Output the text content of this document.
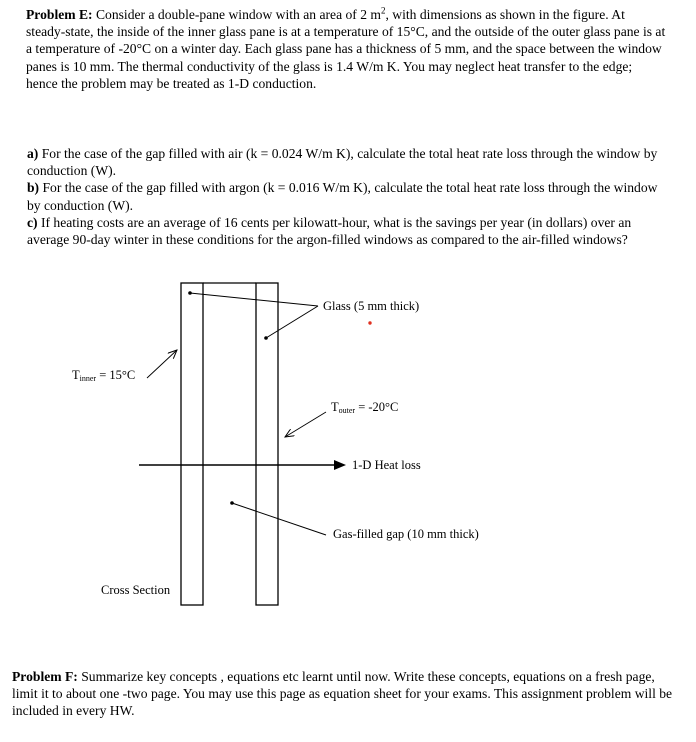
Problem E: Consider a double-pane window with an area of 2 $m^2$, with dimensions as shown in the figure. At steady-state, the inside of the inner glass pane is at a temperature of 15°C, and the outside of the outer glass pane is at a temperature of -20°C on a winter day. Each glass pane has a thickness of 5 mm, and the space between the window panes is 10 mm. The thermal conductivity of the glass is 1.4 W/m K. You may neglect heat transfer to the edge; hence the problem may be treated as 1-D conduction.
a) For the case of the gap filled with air (k = 0.024 W/m K), calculate the total heat rate loss through the window by conduction (W).
b) For the case of the gap filled with argon (k = 0.016 W/m K), calculate the total heat rate loss through the window by conduction (W).
c) If heating costs are an average of 16 cents per kilowatt-hour, what is the savings per year (in dollars) over an average 90-day winter in these conditions for the argon-filled windows as compared to the air-filled windows?
Glass (5 mm thick)
$T_{inner} = 15^\circ C$
$T_{outer} = -20^\circ C$
1-D Heat loss
Gas-filled gap (10 mm thick)
Cross Section
Problem F: Summarize key concepts , equations etc learnt until now. Write these concepts, equations on a fresh page, limit it to about one -two page. You may use this page as equation sheet for your exams. This assignment problem will be included in every HW.
